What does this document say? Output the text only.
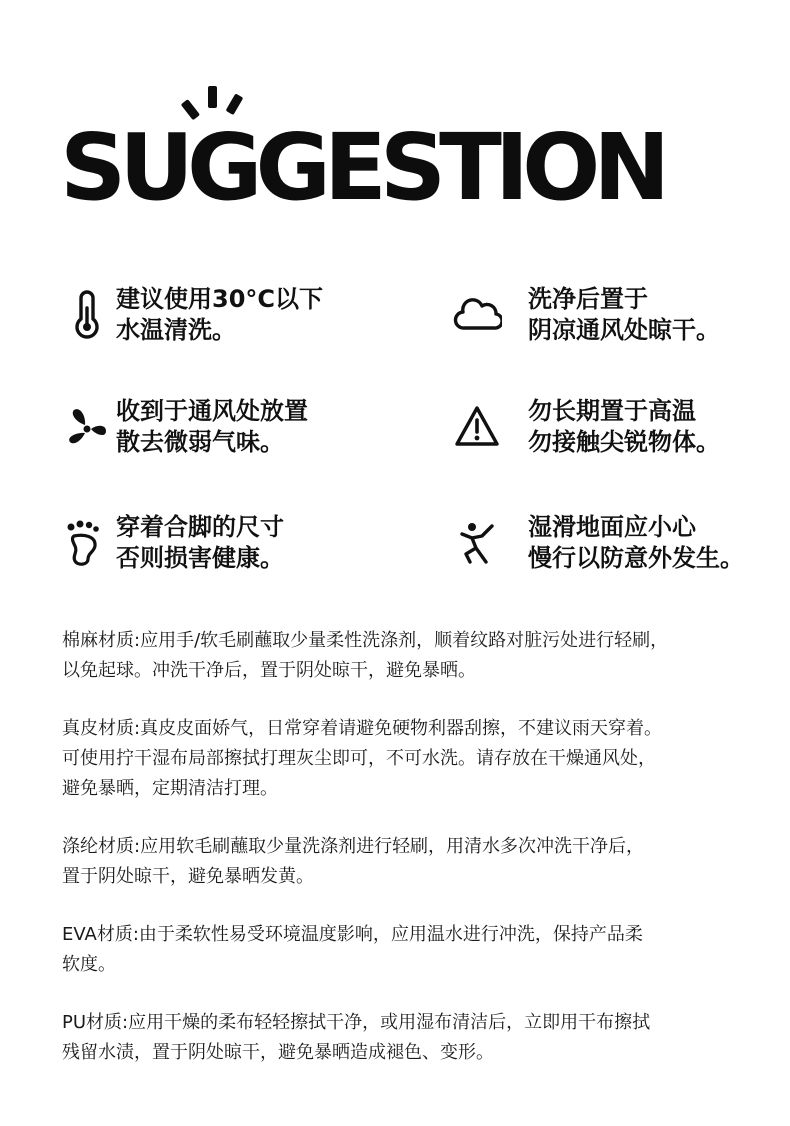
SUGGESTION
建议使用30°C以下
水温清洗。
洗净后置于
阴凉通风处晾干。
收到于通风处放置
散去微弱气味。
勿长期置于高温
勿接触尖锐物体。
穿着合脚的尺寸
否则损害健康。
湿滑地面应小心
慢行以防意外发生。

棉麻材质:应用手/软毛刷蘸取少量柔性洗涤剂，顺着纹路对脏污处进行轻刷，
以免起球。冲洗干净后，置于阴处晾干，避免暴晒。

真皮材质:真皮皮面娇气，日常穿着请避免硬物利器刮擦，不建议雨天穿着。
可使用拧干湿布局部擦拭打理灰尘即可，不可水洗。请存放在干燥通风处，
避免暴晒，定期清洁打理。

涤纶材质:应用软毛刷蘸取少量洗涤剂进行轻刷，用清水多次冲洗干净后，
置于阴处晾干，避免暴晒发黄。

EVA材质:由于柔软性易受环境温度影响，应用温水进行冲洗，保持产品柔
软度。

PU材质:应用干燥的柔布轻轻擦拭干净，或用湿布清洁后，立即用干布擦拭
残留水渍，置于阴处晾干，避免暴晒造成褪色、变形。
